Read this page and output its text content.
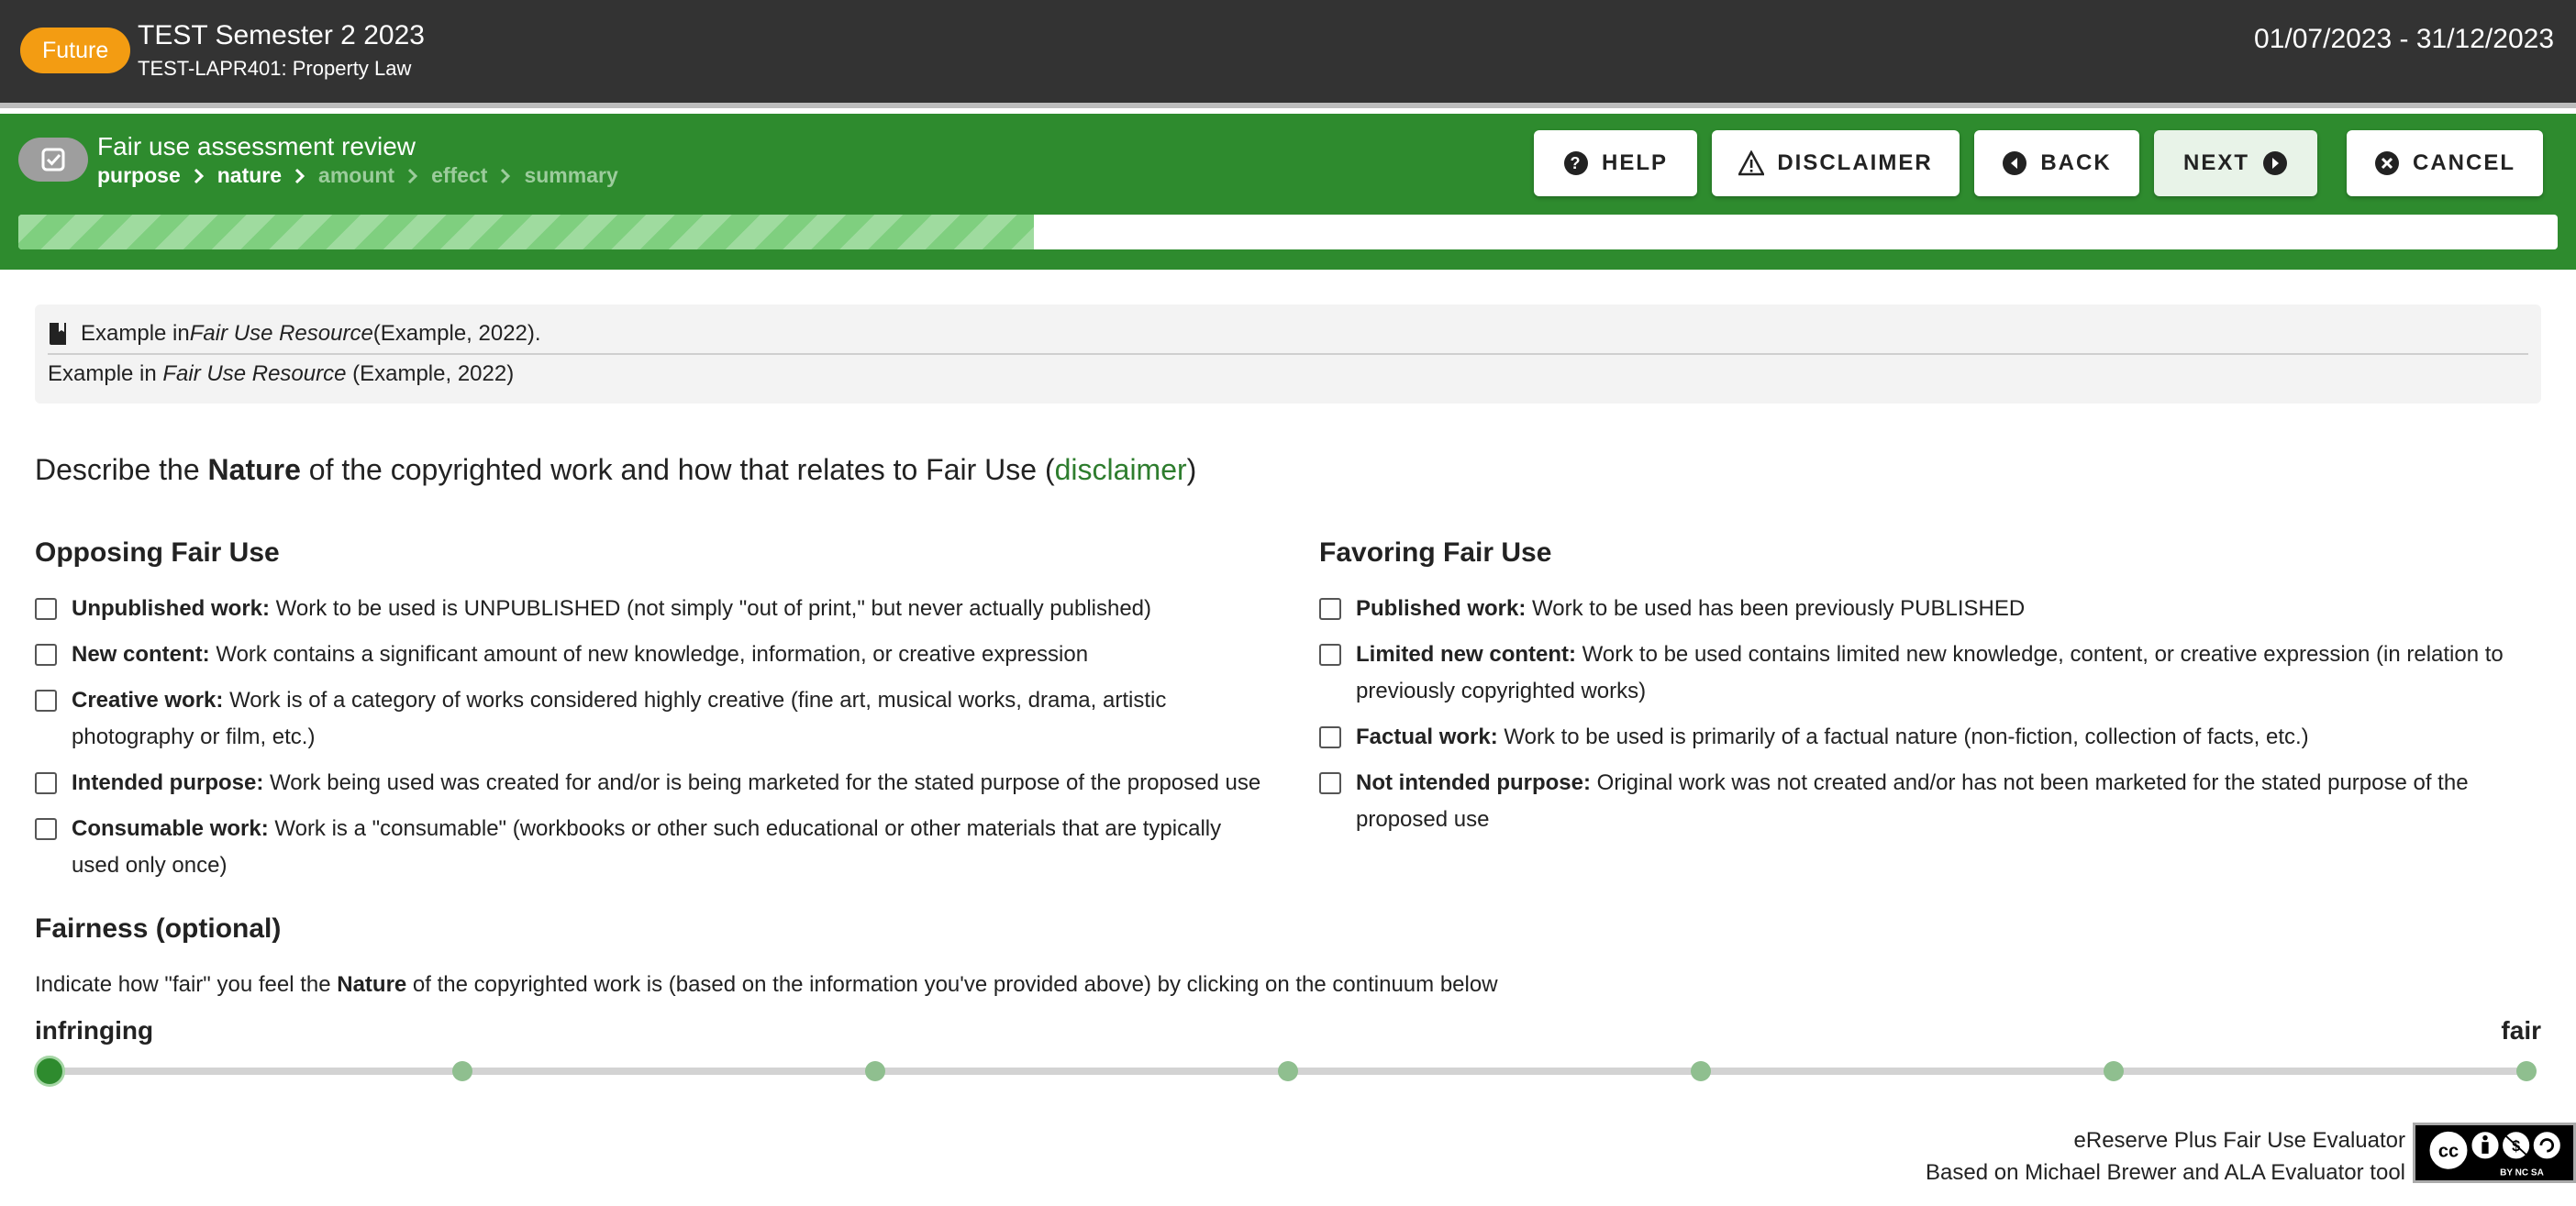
Future	TEST Semester 2 2023
TEST-LAPR401: Property Law
01/07/2023 - 31/12/2023
Fair use assessment review
purpose nature amount effect summary	? HELP	DISCLAIMER	BACK	NEXT	CANCEL
Example in Fair Use Resource (Example, 2022).
Example in Fair Use Resource (Example, 2022)
Describe the Nature of the copyrighted work and how that relates to Fair Use (disclaimer)
Opposing Fair Use
Unpublished work: Work to be used is UNPUBLISHED (not simply "out of print," but never actually published)
New content: Work contains a significant amount of new knowledge, information, or creative expression
Creative work: Work is of a category of works considered highly creative (fine art, musical works, drama, artistic photography or film, etc.)
Intended purpose: Work being used was created for and/or is being marketed for the stated purpose of the proposed use
Consumable work: Work is a "consumable" (workbooks or other such educational or other materials that are typically used only once)
Favoring Fair Use
Published work: Work to be used has been previously PUBLISHED
Limited new content: Work to be used contains limited new knowledge, content, or creative expression (in relation to previously copyrighted works)
Factual work: Work to be used is primarily of a factual nature (non-fiction, collection of facts, etc.)
Not intended purpose: Original work was not created and/or has not been marketed for the stated purpose of the proposed use
Fairness (optional)
Indicate how "fair" you feel the Nature of the copyrighted work is (based on the information you've provided above) by clicking on the continuum below
infringing	fair
eReserve Plus Fair Use Evaluator
Based on Michael Brewer and ALA Evaluator tool
cc	$
BY NC SA
